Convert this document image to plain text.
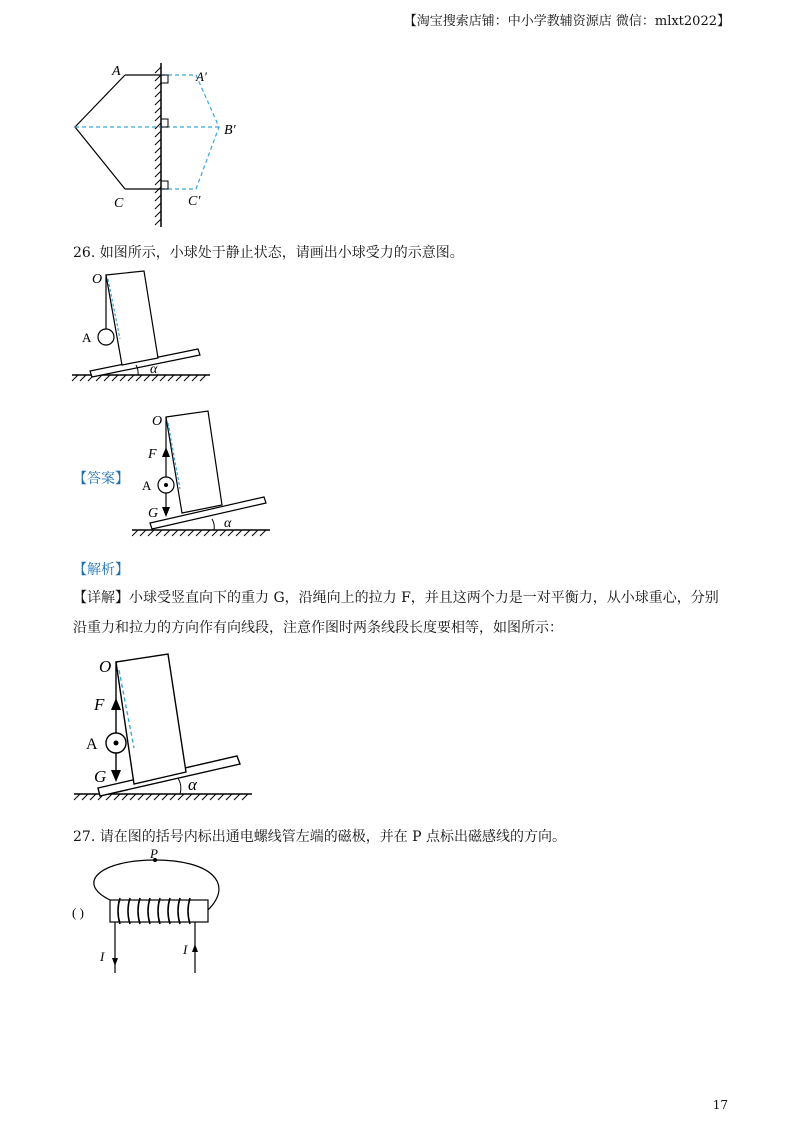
【淘宝搜索店铺：中小学教辅资源店 微信：mlxt2022】
A	A′
B′
C	C′
26. 如图所示，小球处于静止状态，请画出小球受力的示意图。
O
A
α
【答案】
O
F
A
G
α
【解析】
【详解】小球受竖直向下的重力 G，沿绳向上的拉力 F，并且这两个力是一对平衡力，从小球重心，分别
沿重力和拉力的方向作有向线段，注意作图时两条线段长度要相等，如图所示：
O
F
A
G	α
27. 请在图的括号内标出通电螺线管左端的磁极，并在 P 点标出磁感线的方向。
P
( )
I	I
17
